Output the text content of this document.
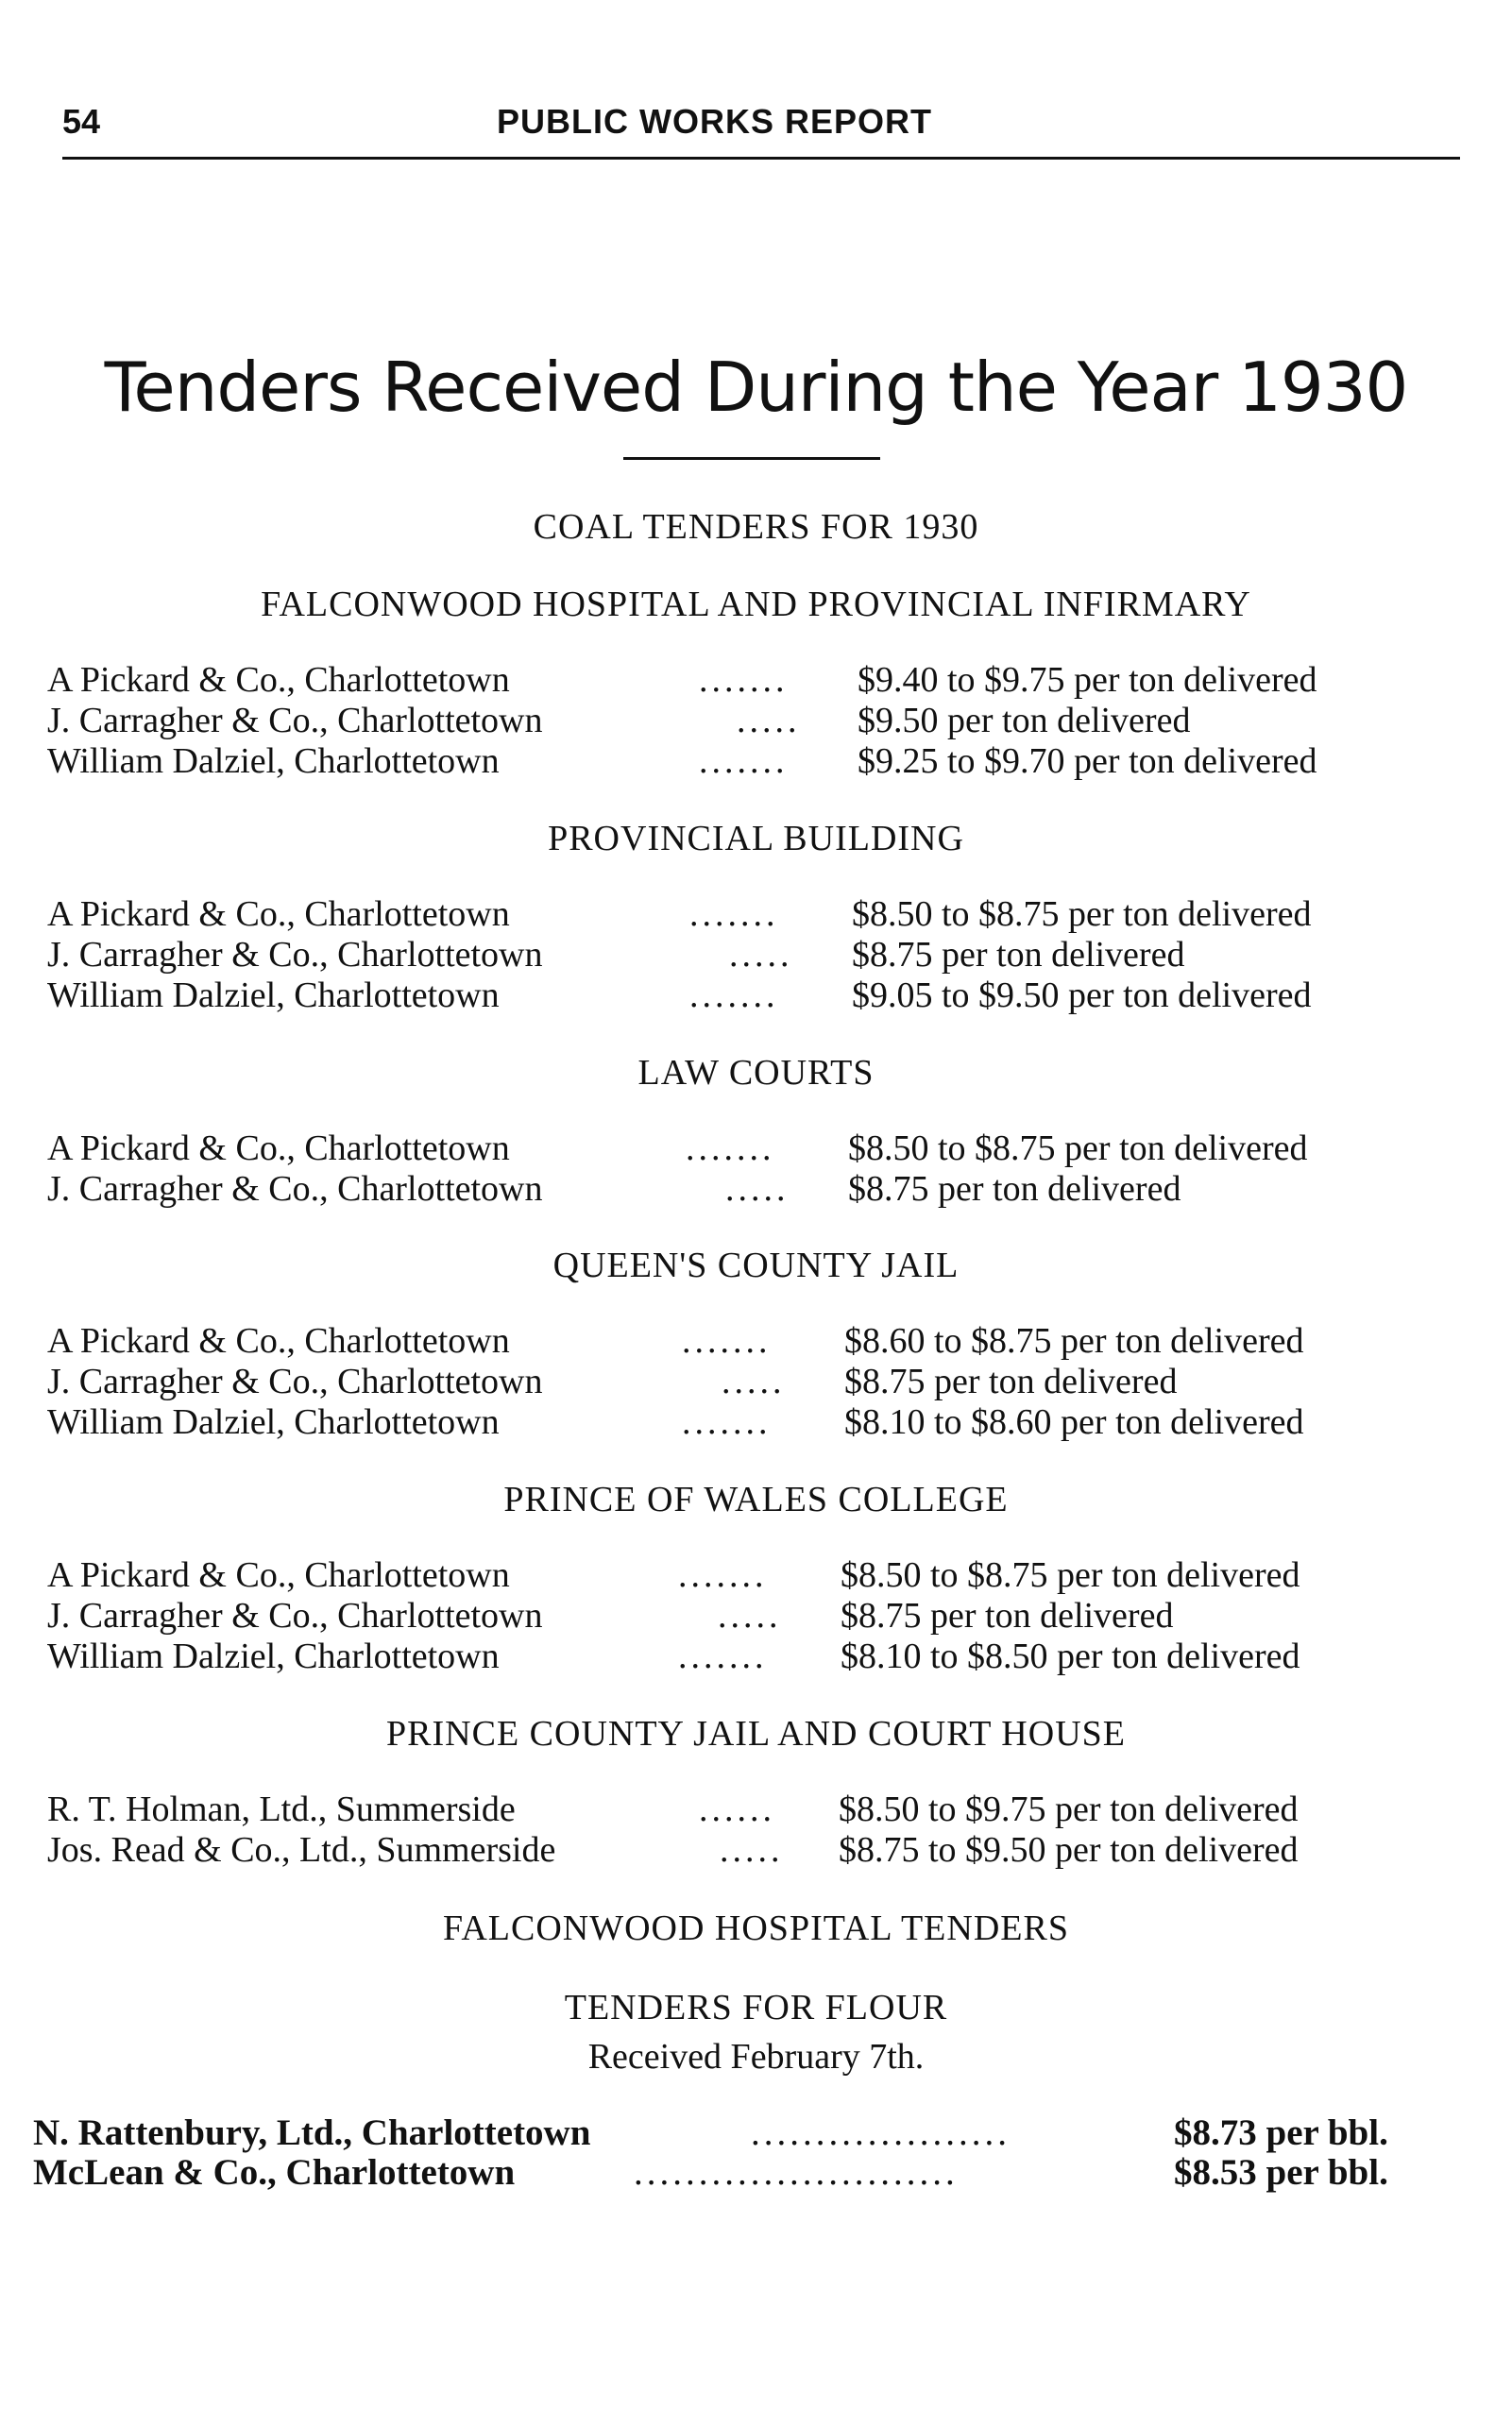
54	PUBLIC WORKS REPORT
Tenders Received During the Year 1930
COAL TENDERS FOR 1930
FALCONWOOD HOSPITAL AND PROVINCIAL INFIRMARY
A Pickard & Co., Charlottetown	....... $9.40 to $9.75 per ton delivered
J. Carragher & Co., Charlottetown	..... $9.50 per ton delivered
William Dalziel, Charlottetown	....... $9.25 to $9.70 per ton delivered
PROVINCIAL BUILDING
A Pickard & Co., Charlottetown	....... $8.50 to $8.75 per ton delivered
J. Carragher & Co., Charlottetown	..... $8.75 per ton delivered
William Dalziel, Charlottetown	....... $9.05 to $9.50 per ton delivered
LAW COURTS
A Pickard & Co., Charlottetown	....... $8.50 to $8.75 per ton delivered
J. Carragher & Co., Charlottetown	..... $8.75 per ton delivered
QUEEN'S COUNTY JAIL
A Pickard & Co., Charlottetown	....... $8.60 to $8.75 per ton delivered
J. Carragher & Co., Charlottetown	..... $8.75 per ton delivered
William Dalziel, Charlottetown	....... $8.10 to $8.60 per ton delivered
PRINCE OF WALES COLLEGE
A Pickard & Co., Charlottetown	....... $8.50 to $8.75 per ton delivered
J. Carragher & Co., Charlottetown	..... $8.75 per ton delivered
William Dalziel, Charlottetown	....... $8.10 to $8.50 per ton delivered
PRINCE COUNTY JAIL AND COURT HOUSE
R. T. Holman, Ltd., Summerside	...... $8.50 to $9.75 per ton delivered
Jos. Read & Co., Ltd., Summerside	..... $8.75 to $9.50 per ton delivered
FALCONWOOD HOSPITAL TENDERS
TENDERS FOR FLOUR
Received February 7th.
N. Rattenbury, Ltd., Charlottetown	....................	$8.73 per bbl.
McLean & Co., Charlottetown	.........................	$8.53 per bbl.
